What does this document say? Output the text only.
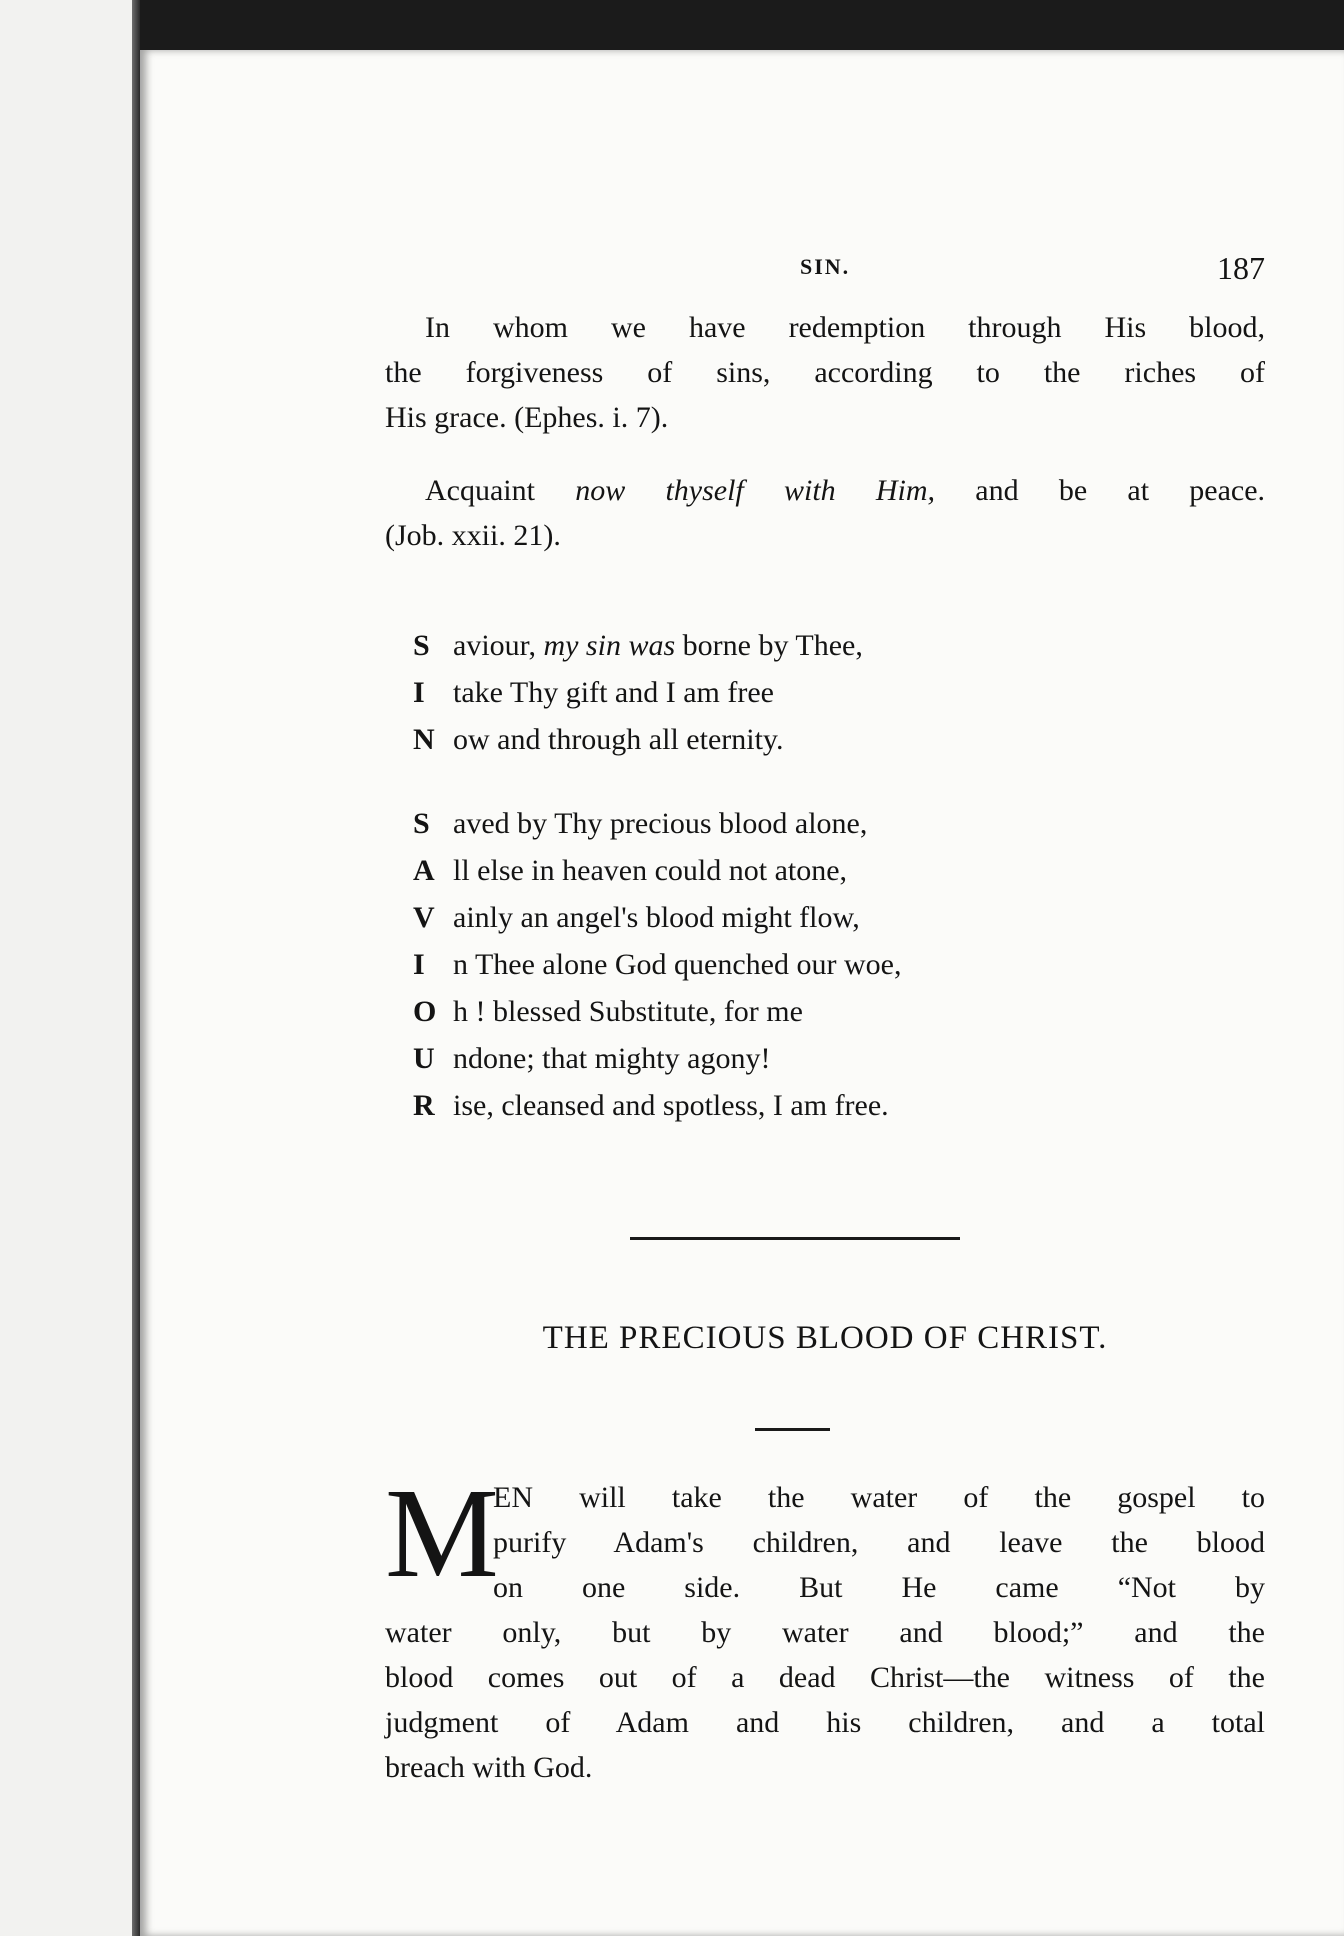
SIN.	187
In whom we have redemption through His blood,
the forgiveness of sins, according to the riches of
His grace. (Ephes. i. 7).
Acquaint now thyself with Him, and be at peace.
(Job. xxii. 21).
S aviour, my sin was borne by Thee,
I take Thy gift and I am free
N ow and through all eternity.
S aved by Thy precious blood alone,
A ll else in heaven could not atone,
V ainly an angel's blood might flow,
I n Thee alone God quenched our woe,
O h ! blessed Substitute, for me
U ndone; that mighty agony!
R ise, cleansed and spotless, I am free.
THE PRECIOUS BLOOD OF CHRIST.
M
EN will take the water of the gospel to
purify Adam's children, and leave the blood
on one side. But He came “Not by
water only, but by water and blood;” and the
blood comes out of a dead Christ—the witness of the
judgment of Adam and his children, and a total
breach with God.
